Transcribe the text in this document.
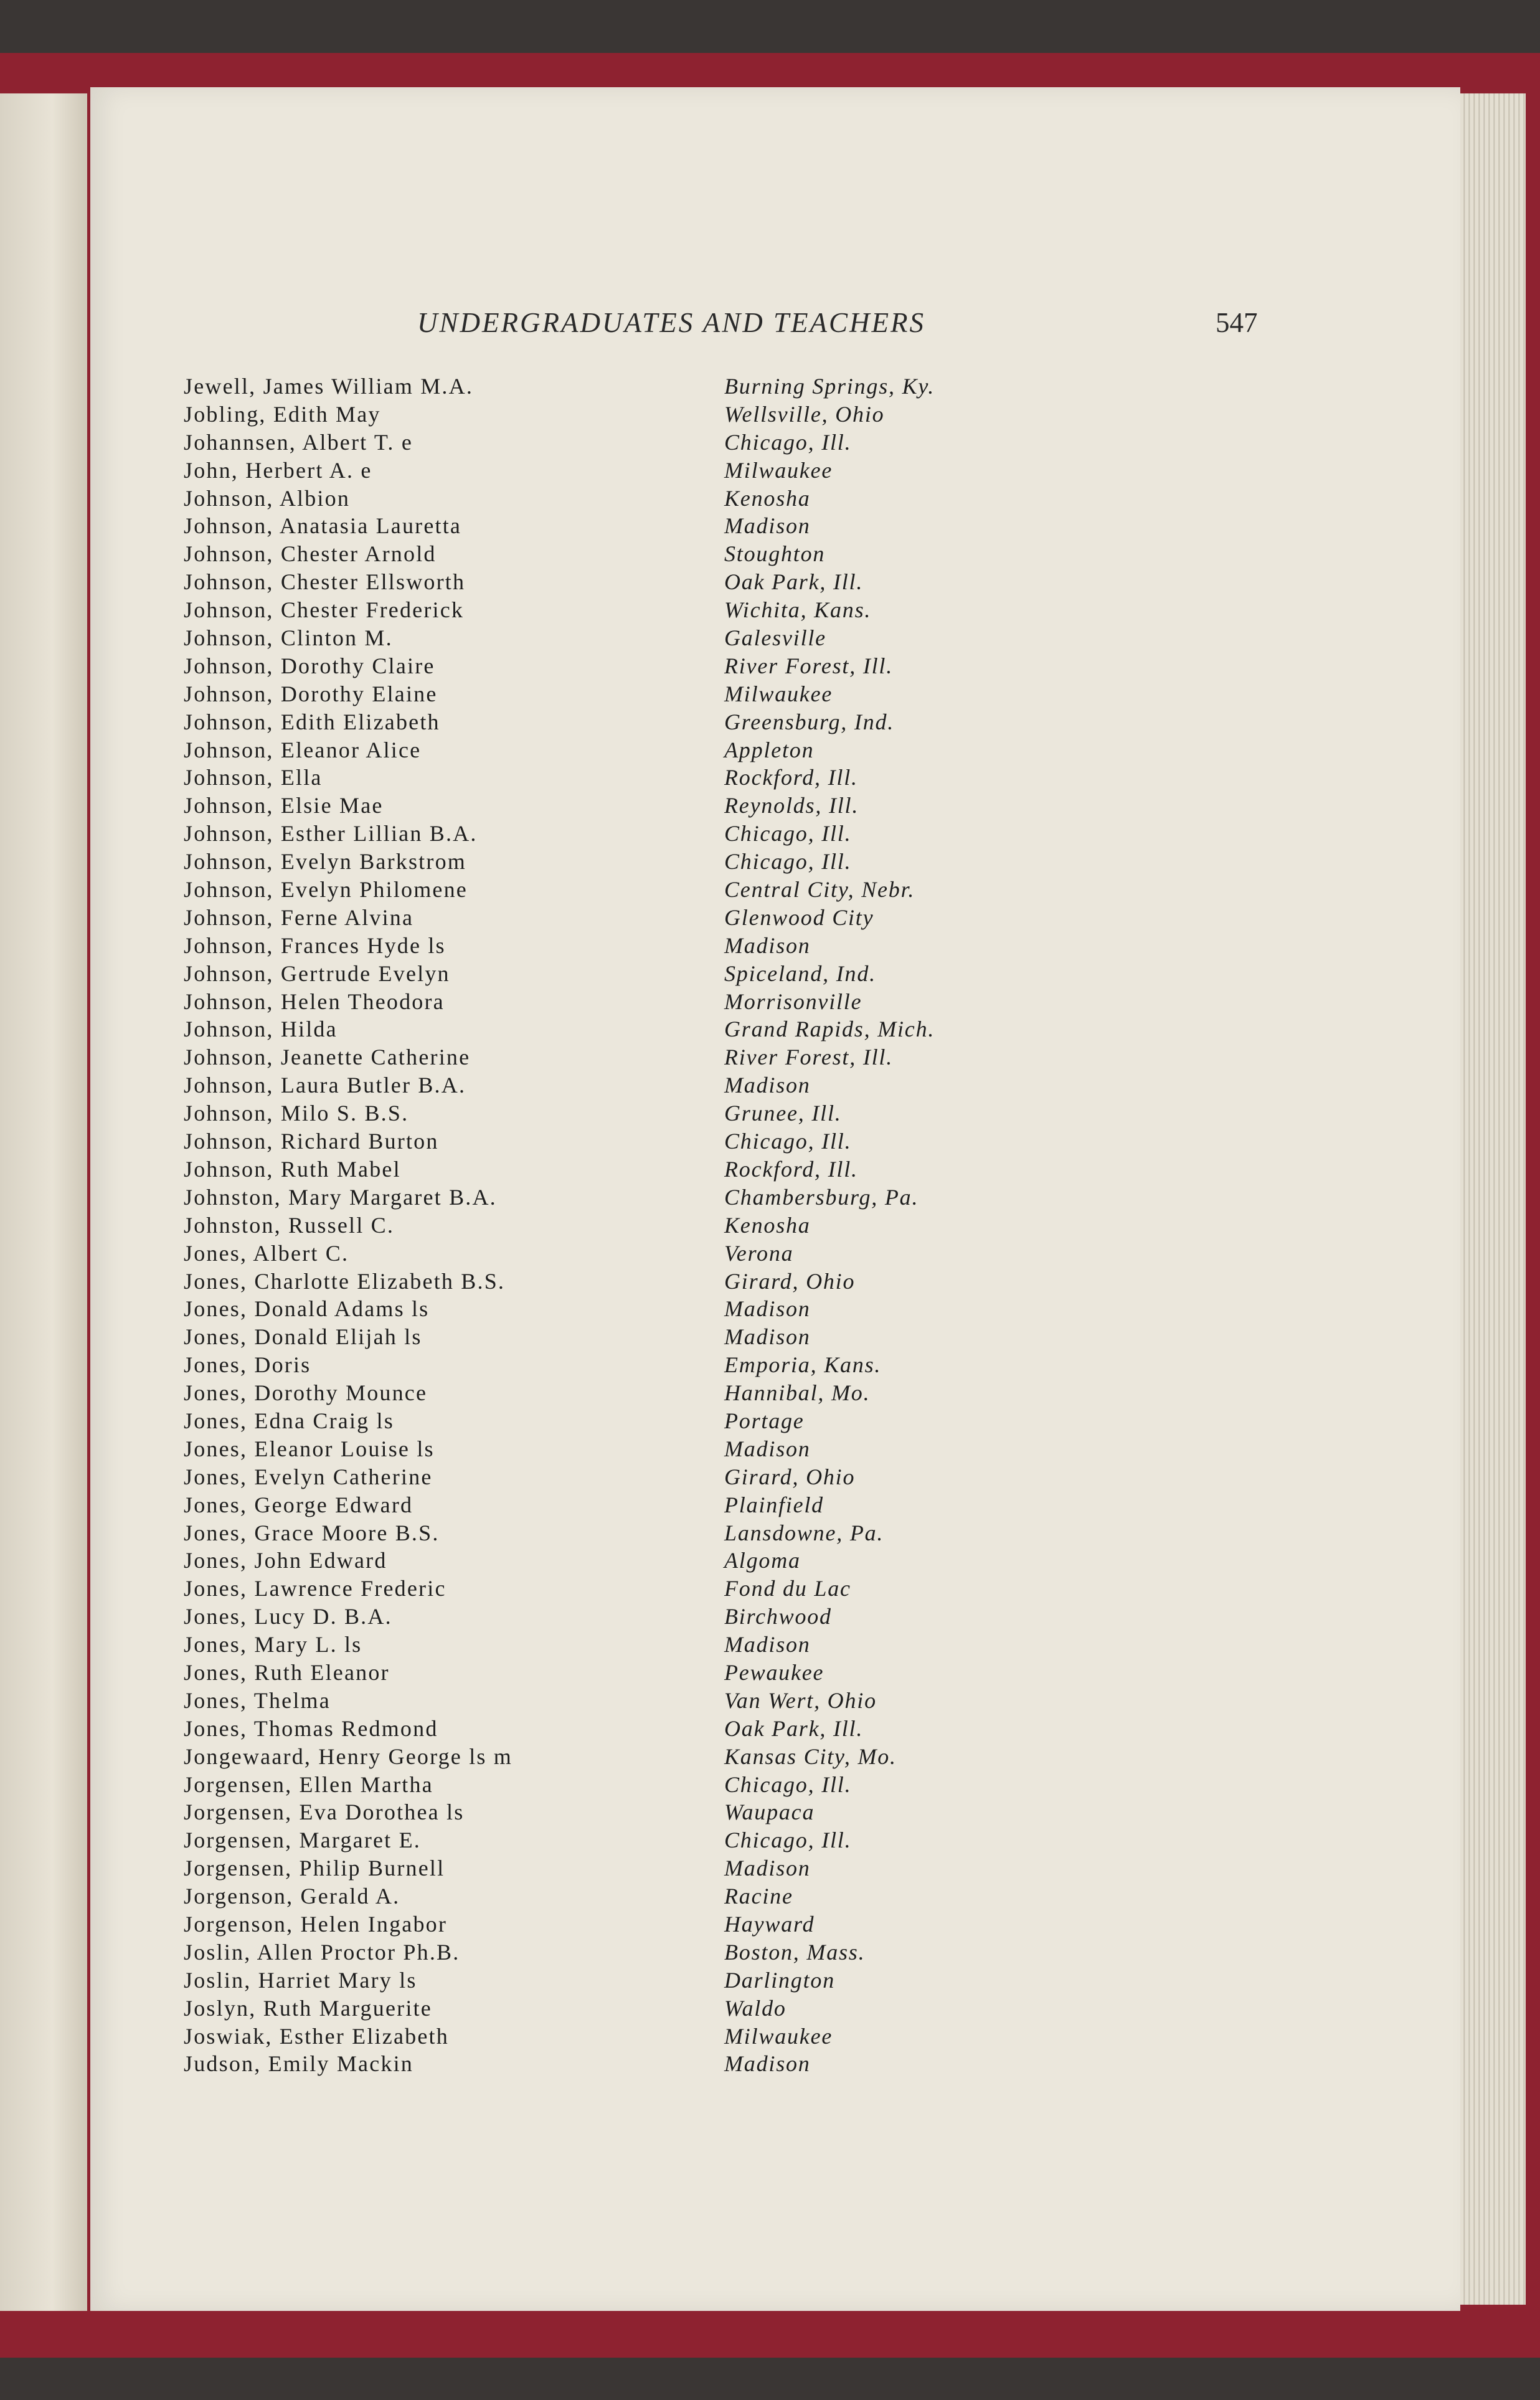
UNDERGRADUATES AND TEACHERS	547
Jewell, James William M.A.	Burning Springs, Ky.
Jobling, Edith May	Wellsville, Ohio
Johannsen, Albert T. e	Chicago, Ill.
John, Herbert A. e	Milwaukee
Johnson, Albion	Kenosha
Johnson, Anatasia Lauretta	Madison
Johnson, Chester Arnold	Stoughton
Johnson, Chester Ellsworth	Oak Park, Ill.
Johnson, Chester Frederick	Wichita, Kans.
Johnson, Clinton M.	Galesville
Johnson, Dorothy Claire	River Forest, Ill.
Johnson, Dorothy Elaine	Milwaukee
Johnson, Edith Elizabeth	Greensburg, Ind.
Johnson, Eleanor Alice	Appleton
Johnson, Ella	Rockford, Ill.
Johnson, Elsie Mae	Reynolds, Ill.
Johnson, Esther Lillian B.A.	Chicago, Ill.
Johnson, Evelyn Barkstrom	Chicago, Ill.
Johnson, Evelyn Philomene	Central City, Nebr.
Johnson, Ferne Alvina	Glenwood City
Johnson, Frances Hyde ls	Madison
Johnson, Gertrude Evelyn	Spiceland, Ind.
Johnson, Helen Theodora	Morrisonville
Johnson, Hilda	Grand Rapids, Mich.
Johnson, Jeanette Catherine	River Forest, Ill.
Johnson, Laura Butler B.A.	Madison
Johnson, Milo S. B.S.	Grunee, Ill.
Johnson, Richard Burton	Chicago, Ill.
Johnson, Ruth Mabel	Rockford, Ill.
Johnston, Mary Margaret B.A.	Chambersburg, Pa.
Johnston, Russell C.	Kenosha
Jones, Albert C.	Verona
Jones, Charlotte Elizabeth B.S.	Girard, Ohio
Jones, Donald Adams ls	Madison
Jones, Donald Elijah ls	Madison
Jones, Doris	Emporia, Kans.
Jones, Dorothy Mounce	Hannibal, Mo.
Jones, Edna Craig ls	Portage
Jones, Eleanor Louise ls	Madison
Jones, Evelyn Catherine	Girard, Ohio
Jones, George Edward	Plainfield
Jones, Grace Moore B.S.	Lansdowne, Pa.
Jones, John Edward	Algoma
Jones, Lawrence Frederic	Fond du Lac
Jones, Lucy D. B.A.	Birchwood
Jones, Mary L. ls	Madison
Jones, Ruth Eleanor	Pewaukee
Jones, Thelma	Van Wert, Ohio
Jones, Thomas Redmond	Oak Park, Ill.
Jongewaard, Henry George ls m	Kansas City, Mo.
Jorgensen, Ellen Martha	Chicago, Ill.
Jorgensen, Eva Dorothea ls	Waupaca
Jorgensen, Margaret E.	Chicago, Ill.
Jorgensen, Philip Burnell	Madison
Jorgenson, Gerald A.	Racine
Jorgenson, Helen Ingabor	Hayward
Joslin, Allen Proctor Ph.B.	Boston, Mass.
Joslin, Harriet Mary ls	Darlington
Joslyn, Ruth Marguerite	Waldo
Joswiak, Esther Elizabeth	Milwaukee
Judson, Emily Mackin	Madison
